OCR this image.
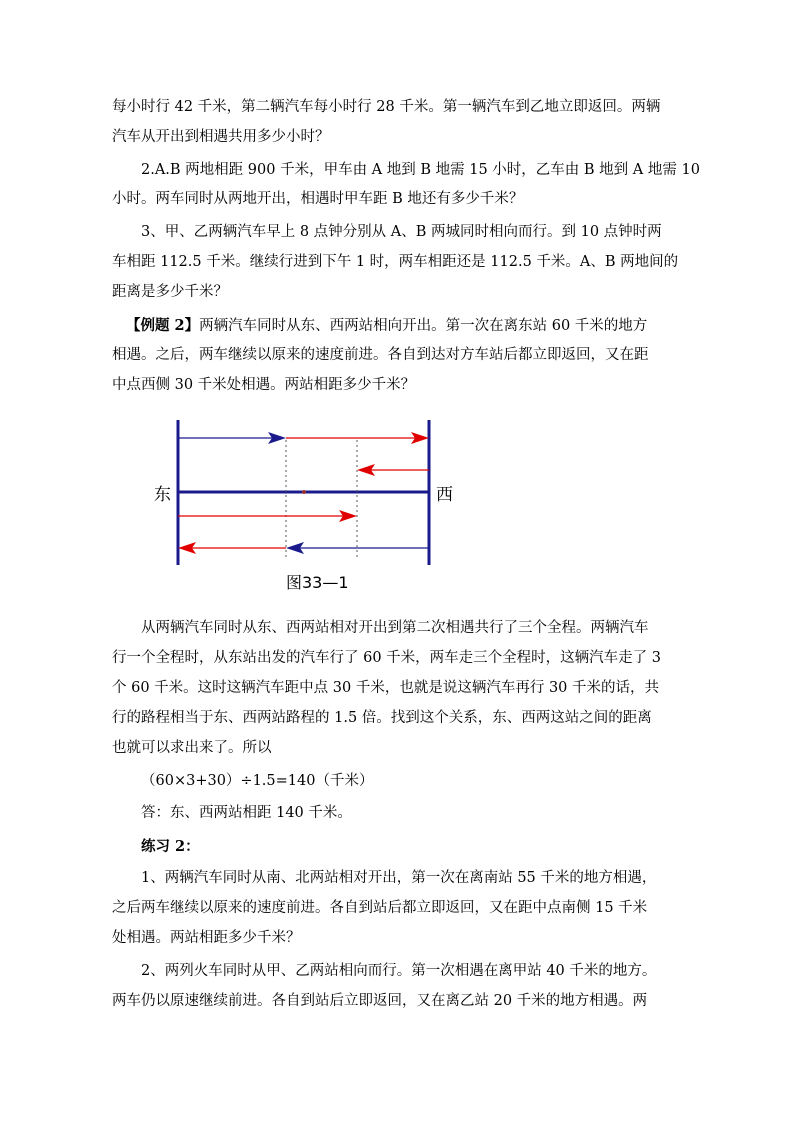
每小时行 42 千米，第二辆汽车每小时行 28 千米。第一辆汽车到乙地立即返回。两辆
汽车从开出到相遇共用多少小时？
2.A.B 两地相距 900 千米，甲车由 A 地到 B 地需 15 小时，乙车由 B 地到 A 地需 10
小时。两车同时从两地开出，相遇时甲车距 B 地还有多少千米？
3、甲、乙两辆汽车早上 8 点钟分别从 A、B 两城同时相向而行。到 10 点钟时两
车相距 112.5 千米。继续行进到下午 1 时，两车相距还是 112.5 千米。A、B 两地间的
距离是多少千米？
【例题 2】两辆汽车同时从东、西两站相向开出。第一次在离东站 60 千米的地方
相遇。之后，两车继续以原来的速度前进。各自到达对方车站后都立即返回，又在距
中点西侧 30 千米处相遇。两站相距多少千米？
东	西
图33—1
从两辆汽车同时从东、西两站相对开出到第二次相遇共行了三个全程。两辆汽车
行一个全程时，从东站出发的汽车行了 60 千米，两车走三个全程时，这辆汽车走了 3
个 60 千米。这时这辆汽车距中点 30 千米，也就是说这辆汽车再行 30 千米的话，共
行的路程相当于东、西两站路程的 1.5 倍。找到这个关系，东、西两这站之间的距离
也就可以求出来了。所以
（60×3+30）÷1.5=140（千米）
答：东、西两站相距 140 千米。
练习 2：
1、两辆汽车同时从南、北两站相对开出，第一次在离南站 55 千米的地方相遇，
之后两车继续以原来的速度前进。各自到站后都立即返回，又在距中点南侧 15 千米
处相遇。两站相距多少千米？
2、两列火车同时从甲、乙两站相向而行。第一次相遇在离甲站 40 千米的地方。
两车仍以原速继续前进。各自到站后立即返回，又在离乙站 20 千米的地方相遇。两
